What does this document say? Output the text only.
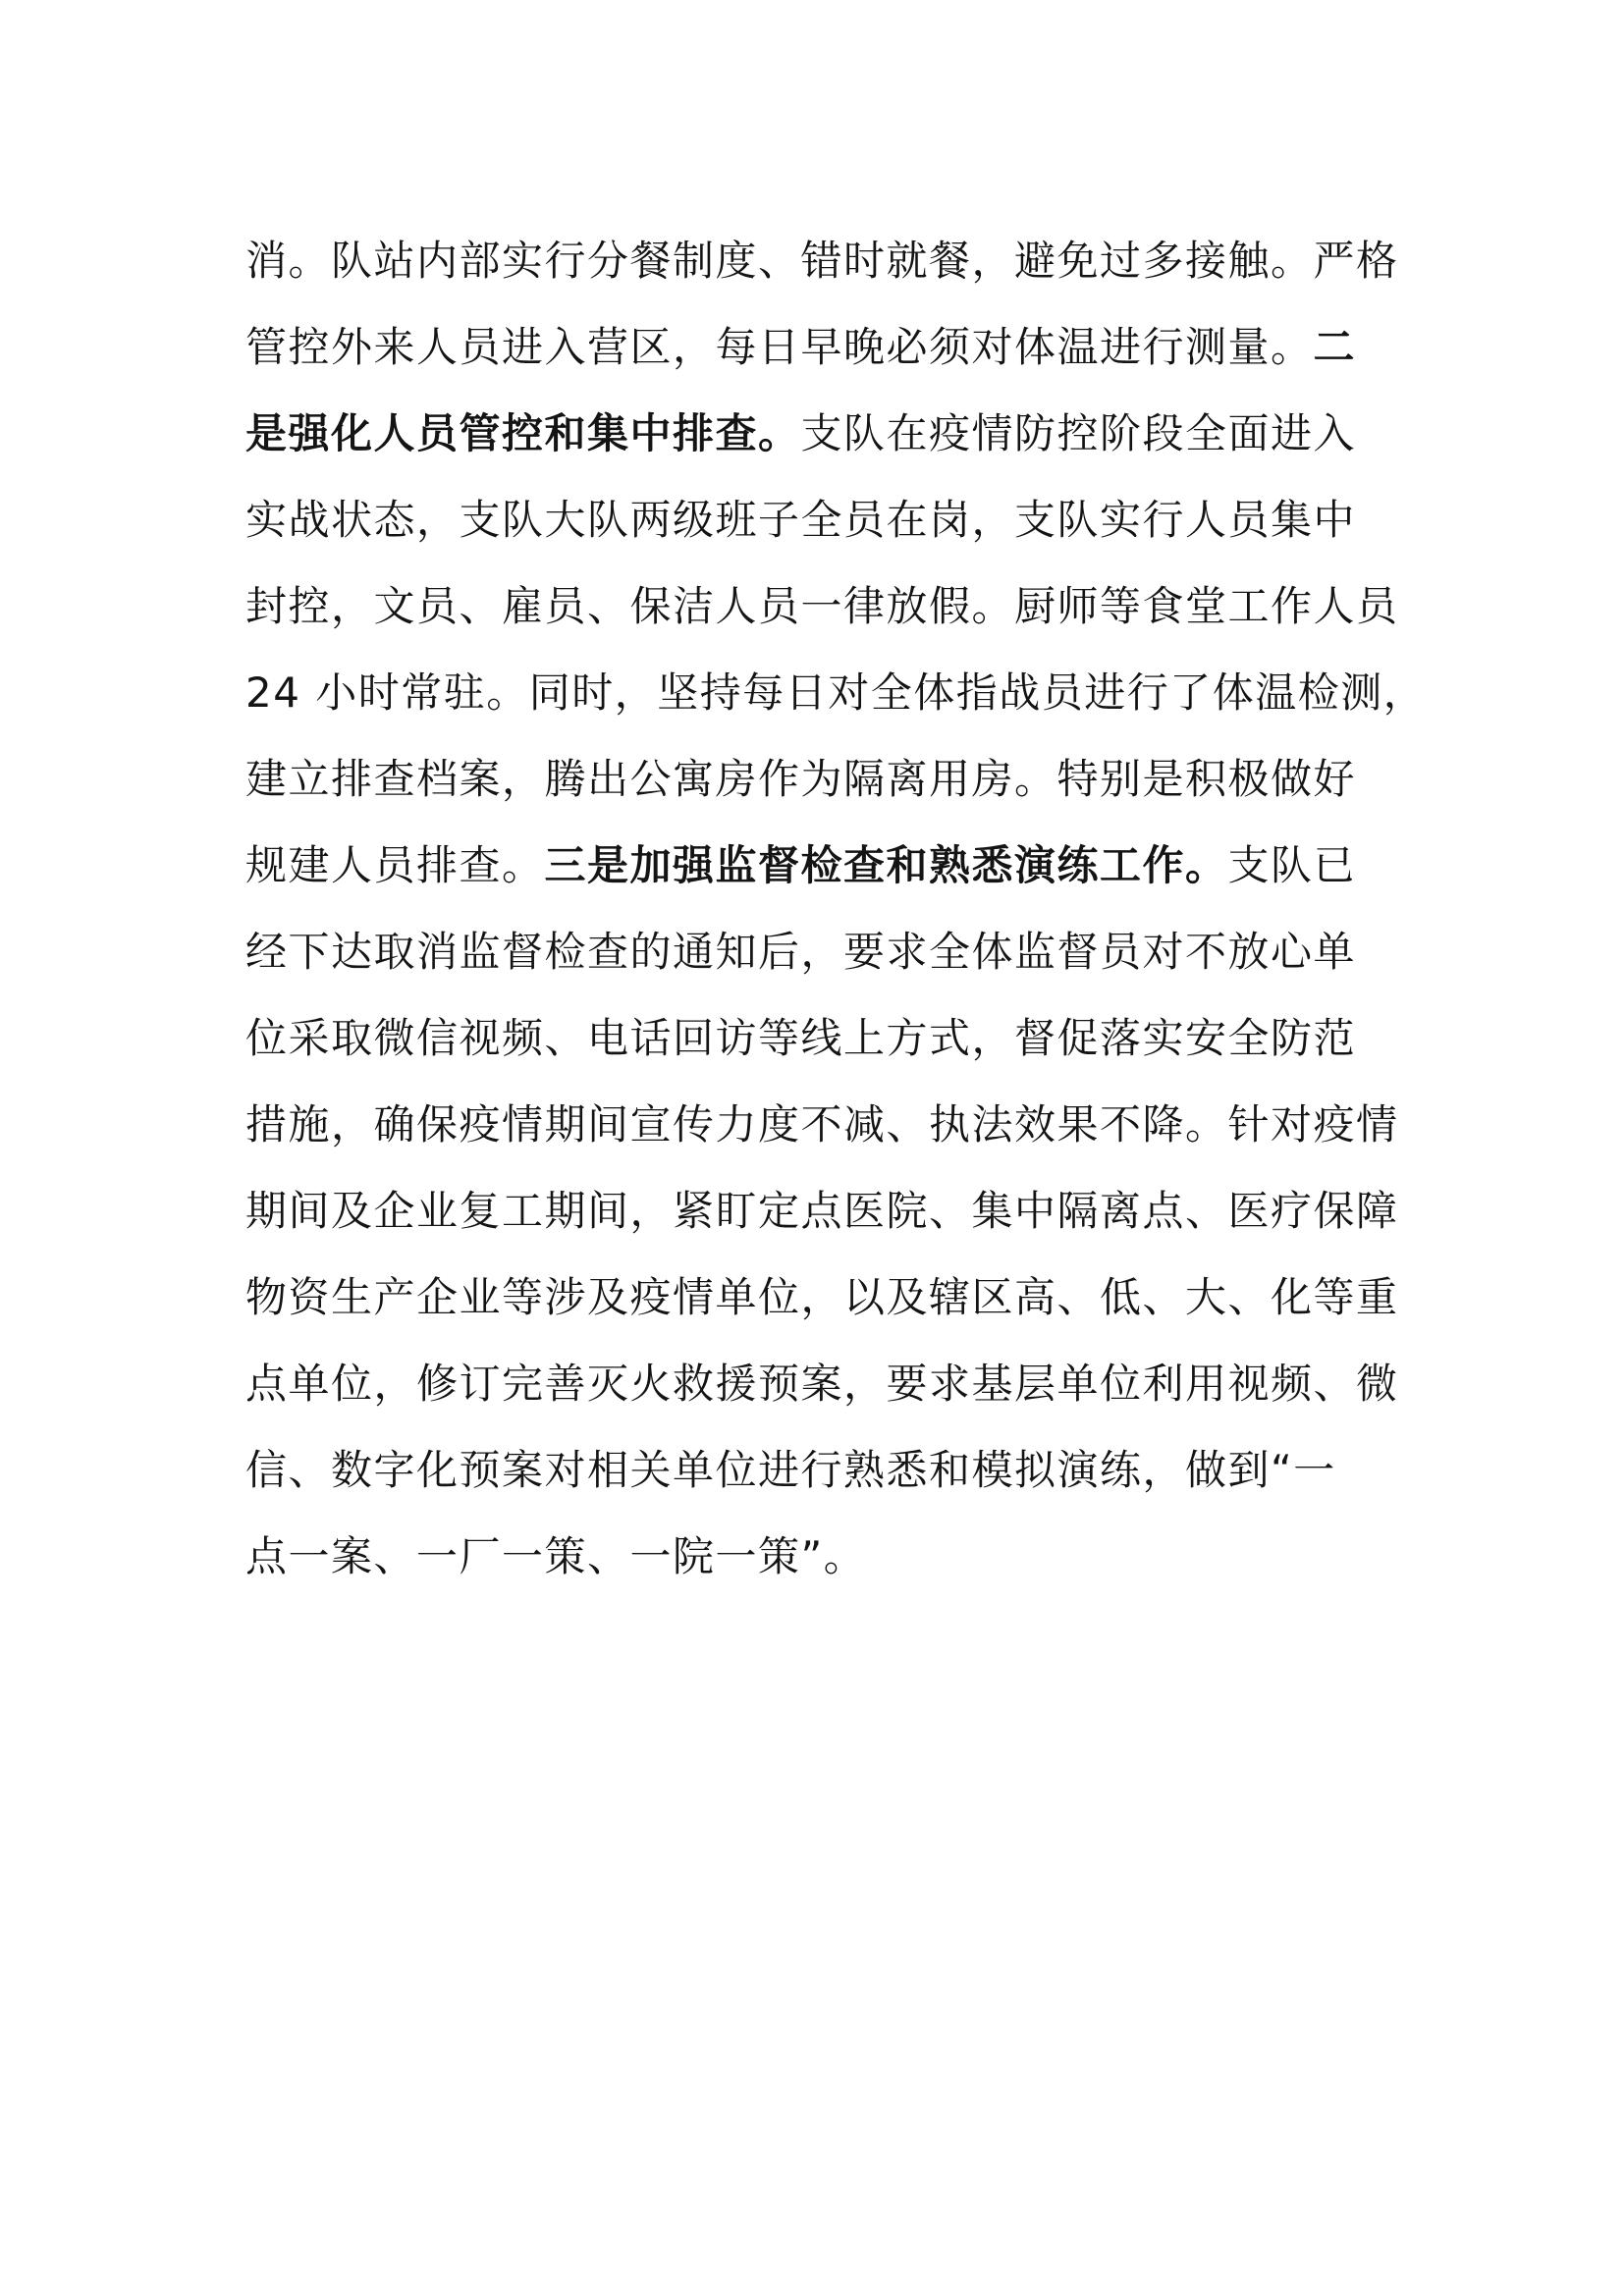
消。队站内部实行分餐制度、错时就餐，避免过多接触。严格
管控外来人员进入营区，每日早晚必须对体温进行测量。二
是强化人员管控和集中排查。支队在疫情防控阶段全面进入
实战状态，支队大队两级班子全员在岗，支队实行人员集中
封控，文员、雇员、保洁人员一律放假。厨师等食堂工作人员
24 小时常驻。同时，坚持每日对全体指战员进行了体温检测，
建立排查档案，腾出公寓房作为隔离用房。特别是积极做好
规建人员排查。三是加强监督检查和熟悉演练工作。支队已
经下达取消监督检查的通知后，要求全体监督员对不放心单
位采取微信视频、电话回访等线上方式，督促落实安全防范
措施，确保疫情期间宣传力度不减、执法效果不降。针对疫情
期间及企业复工期间，紧盯定点医院、集中隔离点、医疗保障
物资生产企业等涉及疫情单位，以及辖区高、低、大、化等重
点单位，修订完善灭火救援预案，要求基层单位利用视频、微
信、数字化预案对相关单位进行熟悉和模拟演练，做到“一
点一案、一厂一策、一院一策”。
